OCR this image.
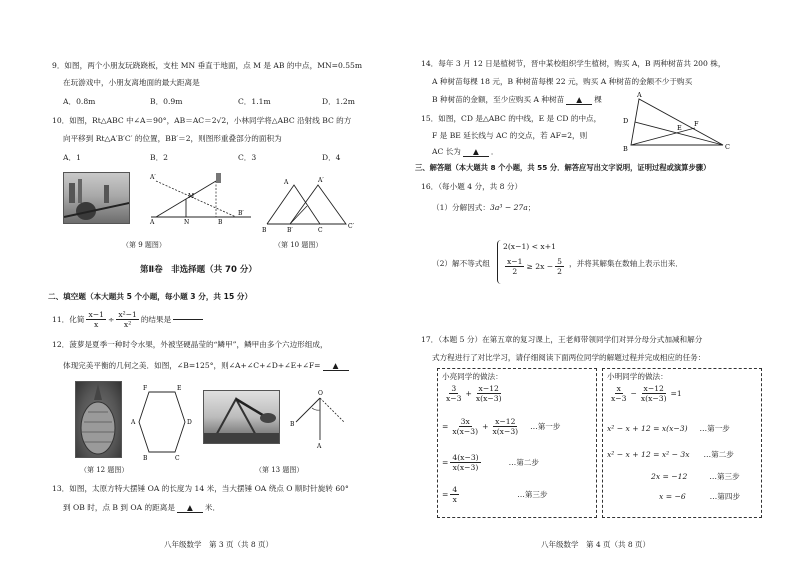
9．如图，两个小朋友玩跷跷板，支柱 MN 垂直于地面，点 M 是 AB 的中点，MN=0.55m
在玩游戏中，小朋友离地面的最大距离是
A．0.8m	B．0.9m	C．1.1m	D．1.2m
10．如图，Rt△ABC 中∠A＝90°，AB＝AC＝2√2，小林同学将△ABC 沿射线 BC 的方
向平移到 Rt△A′B′C′ 的位置，BB′＝2，则图形重叠部分的面积为
A．1	B．2	C．3	D．4
A′
M
B′
A	N	B
A	A′
B	B′	C
C′
（第 9 题图）	（第 10 题图）
第Ⅱ卷　非选择题（共 70 分）
二、填空题（本大题共 5 个小题，每小题 3 分，共 15 分）
11．化简 $\frac{x-1}{x} \div \frac{\text{x²−1}}{\text{x²}}$ 的结果是
12．菠萝是夏季一种时令水果，外被坚硬晶莹的“鳞甲”，鳞甲由多个六边形组成，
体现完美平衡的几何之美．如图，∠B=125°，则∠A+∠C+∠D+∠E+∠F= ▲
A
F	E
D
B	C
O
A
B
（第 12 题图）	（第 13 题图）
13．如图，太原方特大摆锤 OA 的长度为 14 米，当大摆锤 OA 绕点 O 顺时针旋转 60°
到 OB 时，点 B 到 OA 的距离是 ▲ 米．
八年级数学　第 3 页（共 8 页）
14．每年 3 月 12 日是植树节，晋中某校组织学生植树，购买 A，B 两种树苗共 200 株，
A 种树苗每棵 18 元，B 种树苗每棵 22 元，购买 A 种树苗的金额不少于购买
B 种树苗的金额，至少应购买 A 种树苗 ▲ 棵
15．如图，CD 是△ABC 的中线，E 是 CD 的中点，
F 是 BE 延长线与 AC 的交点，若 AF=2，则
AC 长为 ▲ ．
A
D
B
E F
C
三、解答题（本大题共 8 个小题，共 55 分．解答应写出文字说明，证明过程或演算步骤）
16．（每小题 4 分，共 8 分）
（1）分解因式：3a³ − 27a；
（2）解不等式组
2(x−1) < x+1
$\frac{x-1}{2} \ge 2x - \frac{5}{2}$ ，并将其解集在数轴上表示出来．
17．（本题 5 分）在第五章的复习课上，王老师带领同学们对异分母分式加减和解分
式方程进行了对比学习，请仔细阅读下面两位同学的解题过程并完成相应的任务：
小亮同学的做法：
$\frac{3}{x-3} + \frac{x-12}{x(x-3)}$
= $\frac{3x}{x(x-3)} + \frac{x-12}{x(x-3)}$ …第一步
= $\frac{4(x-3)}{x(x-3)}$	…第二步
= $\frac{4}{x}$	…第三步
小明同学的做法：
$\frac{x}{x-3} - \frac{x-12}{x(x-3)} =1$
x² − x + 12 = x(x−3) …第一步
x² − x + 12 = x² − 3x …第二步
2x = −12	…第三步
x = −6	…第四步
八年级数学　第 4 页（共 8 页）
